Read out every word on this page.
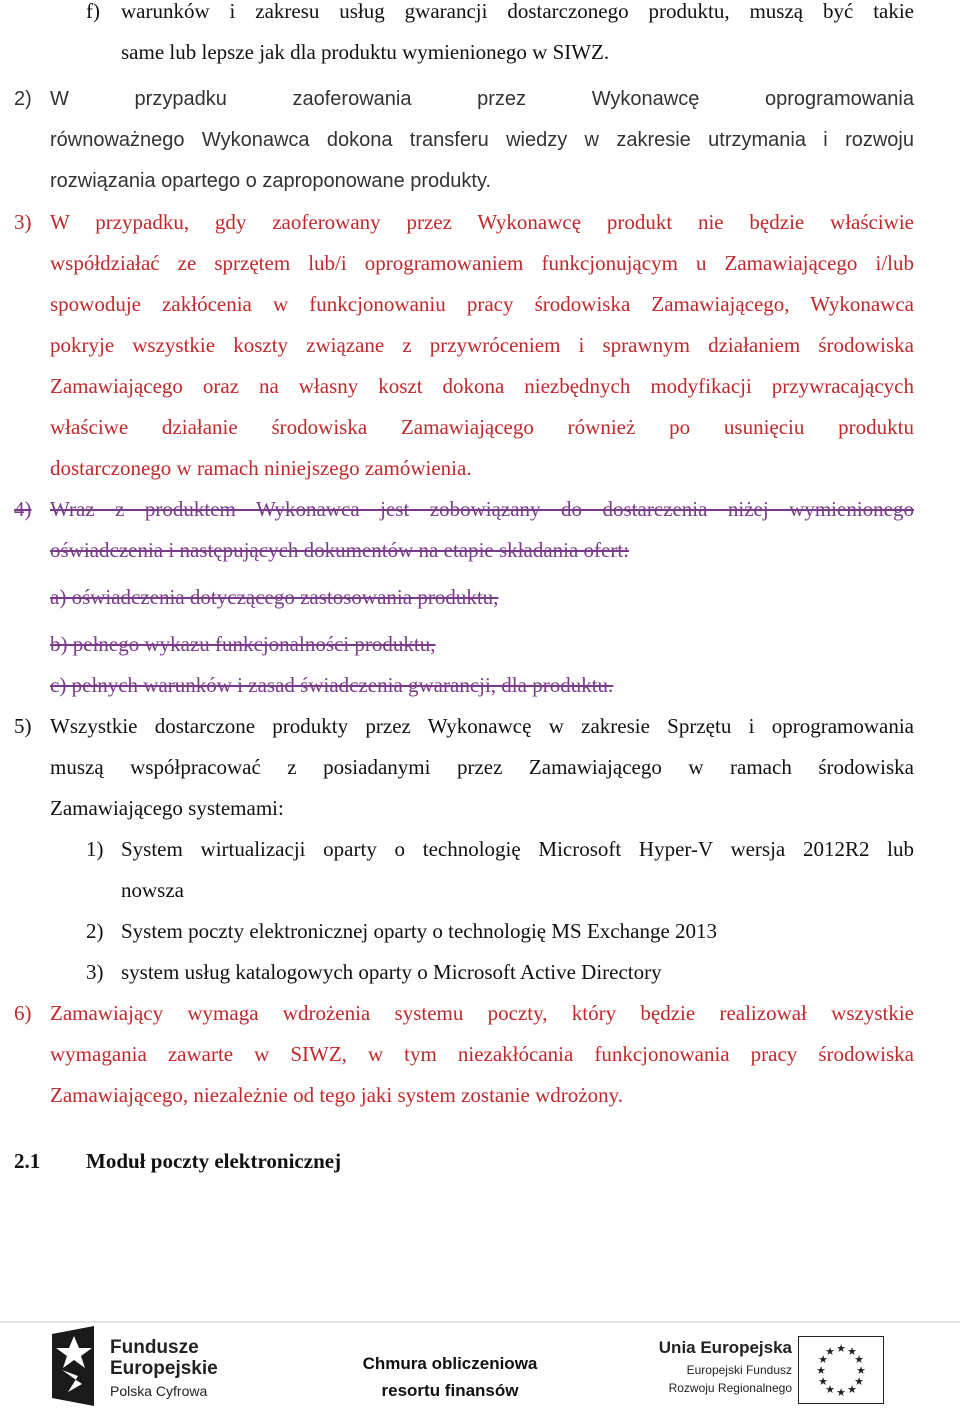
f) warunków i zakresu usług gwarancji dostarczonego produktu, muszą być takie
same lub lepsze jak dla produktu wymienionego w SIWZ.
2) W przypadku zaoferowania przez Wykonawcę oprogramowania
równoważnego Wykonawca dokona transferu wiedzy w zakresie utrzymania i rozwoju
rozwiązania opartego o zaproponowane produkty.
3) W przypadku, gdy zaoferowany przez Wykonawcę produkt nie będzie właściwie
współdziałać ze sprzętem lub/i oprogramowaniem funkcjonującym u Zamawiającego i/lub
spowoduje zakłócenia w funkcjonowaniu pracy środowiska Zamawiającego, Wykonawca
pokryje wszystkie koszty związane z przywróceniem i sprawnym działaniem środowiska
Zamawiającego oraz na własny koszt dokona niezbędnych modyfikacji przywracających
właściwe działanie środowiska Zamawiającego również po usunięciu produktu
dostarczonego w ramach niniejszego zamówienia.
4) Wraz z produktem Wykonawca jest zobowiązany do dostarczenia niżej wymienionego
oświadczenia i następujących dokumentów na etapie składania ofert:
a) oświadczenia dotyczącego zastosowania produktu,
b) pełnego wykazu funkcjonalności produktu,
c) pełnych warunków i zasad świadczenia gwarancji, dla produktu.
5) Wszystkie dostarczone produkty przez Wykonawcę w zakresie Sprzętu i oprogramowania
muszą współpracować z posiadanymi przez Zamawiającego w ramach środowiska
Zamawiającego systemami:
1) System wirtualizacji oparty o technologię Microsoft Hyper-V wersja 2012R2 lub
nowsza
2) System poczty elektronicznej oparty o technologię MS Exchange 2013
3) system usług katalogowych oparty o Microsoft Active Directory
6) Zamawiający wymaga wdrożenia systemu poczty, który będzie realizował wszystkie
wymagania zawarte w SIWZ, w tym niezakłócania funkcjonowania pracy środowiska
Zamawiającego, niezależnie od tego jaki system zostanie wdrożony.
2.1 Moduł poczty elektronicznej
Fundusze
Europejskie
Polska Cyfrowa
Chmura obliczeniowa
resortu finansów
Unia Europejska
Europejski Fundusz
Rozwoju Regionalnego
★ ★
★
★
★
★
★
★
★
★
★
★
